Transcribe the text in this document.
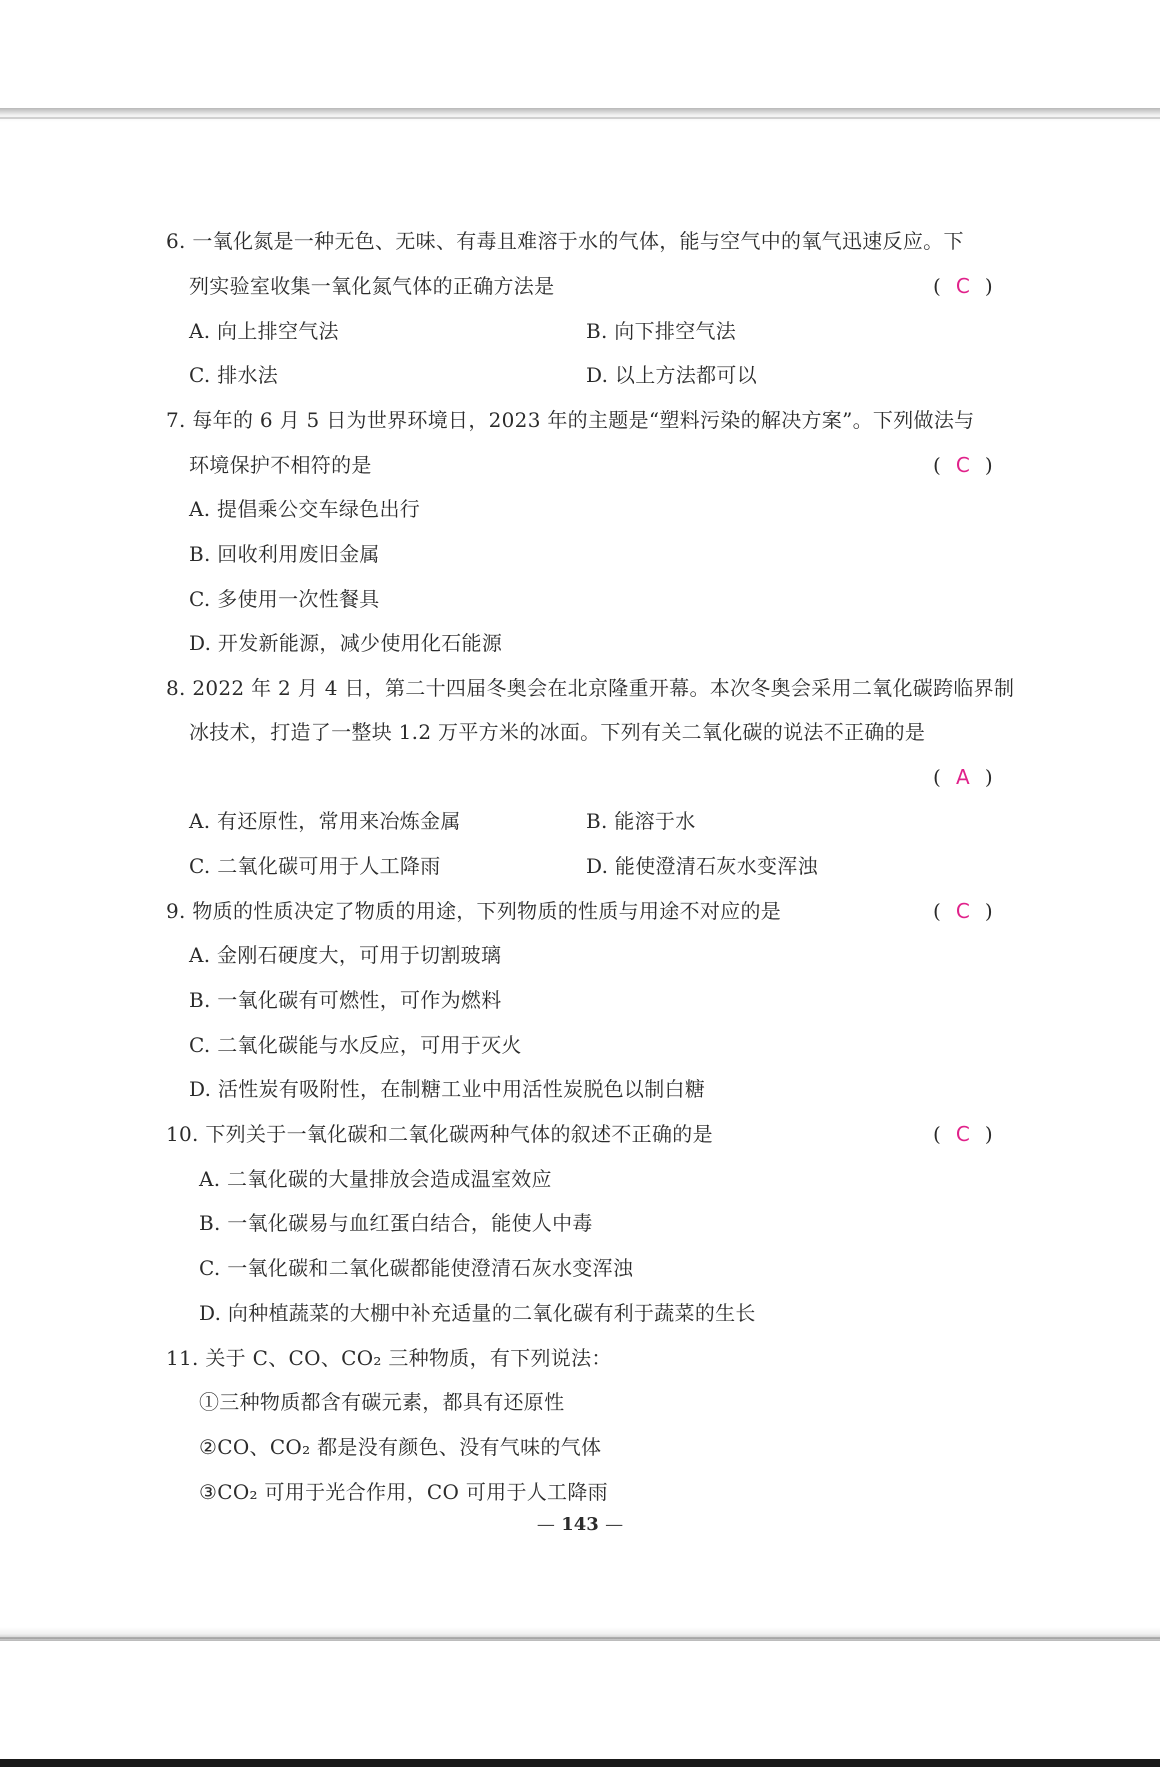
6. 一氧化氮是一种无色、无味、有毒且难溶于水的气体，能与空气中的氧气迅速反应。下
列实验室收集一氧化氮气体的正确方法是	( C )
A. 向上排空气法	B. 向下排空气法
C. 排水法	D. 以上方法都可以
7. 每年的 6 月 5 日为世界环境日，2023 年的主题是“塑料污染的解决方案”。下列做法与
环境保护不相符的是	( C )
A. 提倡乘公交车绿色出行
B. 回收利用废旧金属
C. 多使用一次性餐具
D. 开发新能源，减少使用化石能源
8. 2022 年 2 月 4 日，第二十四届冬奥会在北京隆重开幕。本次冬奥会采用二氧化碳跨临界制
冰技术，打造了一整块 1.2 万平方米的冰面。下列有关二氧化碳的说法不正确的是
( A )
A. 有还原性，常用来冶炼金属	B. 能溶于水
C. 二氧化碳可用于人工降雨	D. 能使澄清石灰水变浑浊
9. 物质的性质决定了物质的用途，下列物质的性质与用途不对应的是	( C )
A. 金刚石硬度大，可用于切割玻璃
B. 一氧化碳有可燃性，可作为燃料
C. 二氧化碳能与水反应，可用于灭火
D. 活性炭有吸附性，在制糖工业中用活性炭脱色以制白糖
10. 下列关于一氧化碳和二氧化碳两种气体的叙述不正确的是	( C )
A. 二氧化碳的大量排放会造成温室效应
B. 一氧化碳易与血红蛋白结合，能使人中毒
C. 一氧化碳和二氧化碳都能使澄清石灰水变浑浊
D. 向种植蔬菜的大棚中补充适量的二氧化碳有利于蔬菜的生长
11. 关于 C、CO、CO₂ 三种物质，有下列说法：
①三种物质都含有碳元素，都具有还原性
②CO、CO₂ 都是没有颜色、没有气味的气体
③CO₂ 可用于光合作用，CO 可用于人工降雨
— 143 —
